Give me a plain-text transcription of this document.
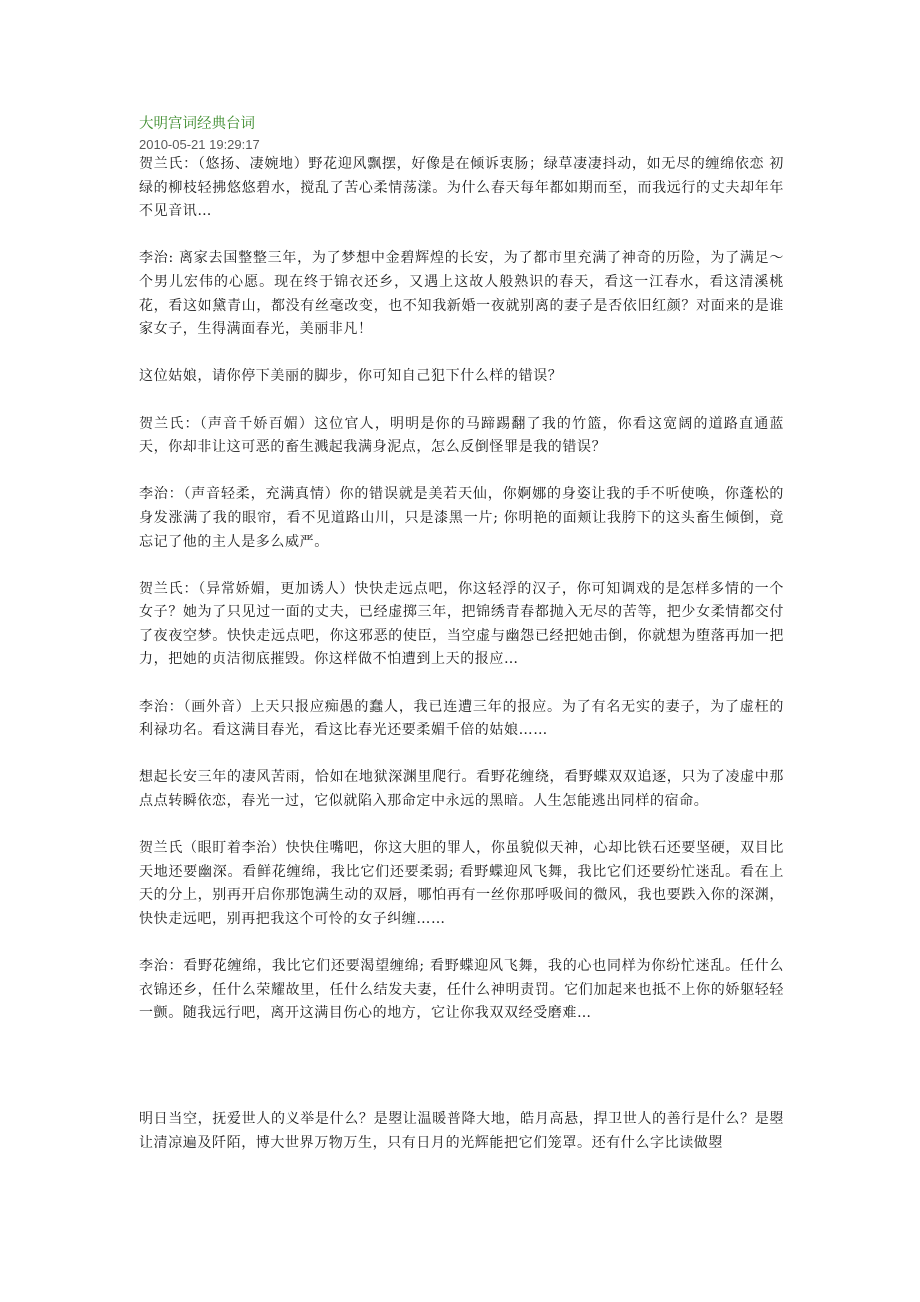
大明宫词经典台词
2010-05-21 19:29:17

贺兰氏：（悠扬、凄婉地）野花迎风飘摆，好像是在倾诉衷肠；绿草凄凄抖动，如无尽的缠绵依恋 初绿的柳枝轻拂悠悠碧水，搅乱了苦心柔情荡漾。为什么春天每年都如期而至，而我远行的丈夫却年年不见音讯…

李治: 离家去国整整三年，为了梦想中金碧辉煌的长安，为了都市里充满了神奇的历险，为了满足～个男儿宏伟的心愿。现在终于锦衣还乡，又遇上这故人般熟识的春天，看这一江春水，看这清溪桃花，看这如黛青山，都没有丝毫改变，也不知我新婚一夜就别离的妻子是否依旧红颜？对面来的是谁家女子，生得满面春光，美丽非凡！

这位姑娘，请你停下美丽的脚步，你可知自己犯下什么样的错误？

贺兰氏：（声音千娇百媚）这位官人，明明是你的马蹄踢翻了我的竹篮，你看这宽阔的道路直通蓝天，你却非让这可恶的畜生溅起我满身泥点，怎么反倒怪罪是我的错误？

李治：（声音轻柔，充满真情）你的错误就是美若天仙，你婀娜的身姿让我的手不听使唤，你蓬松的身发涨满了我的眼帘，看不见道路山川，只是漆黑一片; 你明艳的面颊让我胯下的这头畜生倾倒，竟忘记了他的主人是多么威严。

贺兰氏：（异常娇媚，更加诱人）快快走远点吧，你这轻浮的汉子，你可知调戏的是怎样多情的一个女子？她为了只见过一面的丈夫，已经虚掷三年，把锦绣青春都抛入无尽的苦等，把少女柔情都交付了夜夜空梦。快快走远点吧，你这邪恶的使臣，当空虚与幽怨已经把她击倒，你就想为堕落再加一把力，把她的贞洁彻底摧毁。你这样做不怕遭到上天的报应…

李治：（画外音）上天只报应痴愚的蠢人，我已连遭三年的报应。为了有名无实的妻子，为了虚枉的利禄功名。看这满目春光，看这比春光还要柔媚千倍的姑娘……

想起长安三年的凄风苦雨，恰如在地狱深渊里爬行。看野花缠绕，看野蝶双双追逐，只为了凌虚中那点点转瞬依恋，春光一过，它似就陷入那命定中永远的黑暗。人生怎能逃出同样的宿命。

贺兰氏（眼盯着李治）快快住嘴吧，你这大胆的罪人，你虽貌似天神，心却比铁石还要坚硬，双目比天地还要幽深。看鲜花缠绵，我比它们还要柔弱; 看野蝶迎风飞舞，我比它们还要纷忙迷乱。看在上天的分上，别再开启你那饱满生动的双唇，哪怕再有一丝你那呼吸间的微风，我也要跌入你的深渊，快快走远吧，别再把我这个可怜的女子纠缠……

李治：看野花缠绵，我比它们还要渴望缠绵; 看野蝶迎风飞舞，我的心也同样为你纷忙迷乱。任什么衣锦还乡，任什么荣耀故里，任什么结发夫妻，任什么神明责罚。它们加起来也抵不上你的娇躯轻轻一颤。随我远行吧，离开这满目伤心的地方，它让你我双双经受磨难…

明日当空，抚爱世人的义举是什么？是曌让温暖普降大地，皓月高悬，捍卫世人的善行是什么？是曌让清凉遍及阡陌，博大世界万物万生，只有日月的光辉能把它们笼罩。还有什么字比读做曌
